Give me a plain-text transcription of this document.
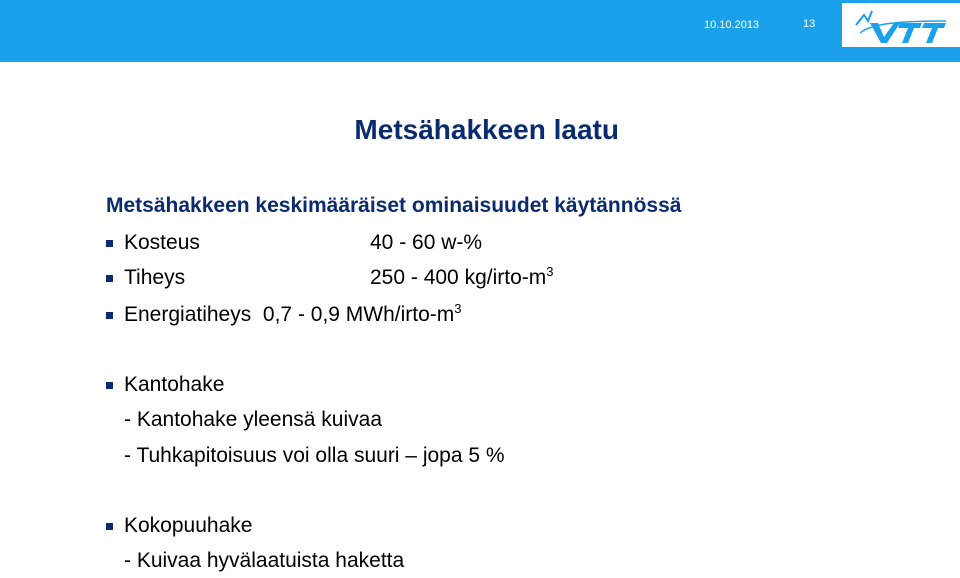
10.10.2013	13
Metsähakkeen laatu
Metsähakkeen keskimääräiset ominaisuudet käytännössä
Kosteus	40 - 60 w-%
Tiheys	250 - 400 $kg/irto-m^3$
Energiatiheys 0,7 - 0,9 MWh/$irto-m^3$
Kantohake
- Kantohake yleensä kuivaa
- Tuhkapitoisuus voi olla suuri – jopa 5 %
Kokopuuhake
- Kuivaa hyvälaatuista haketta
